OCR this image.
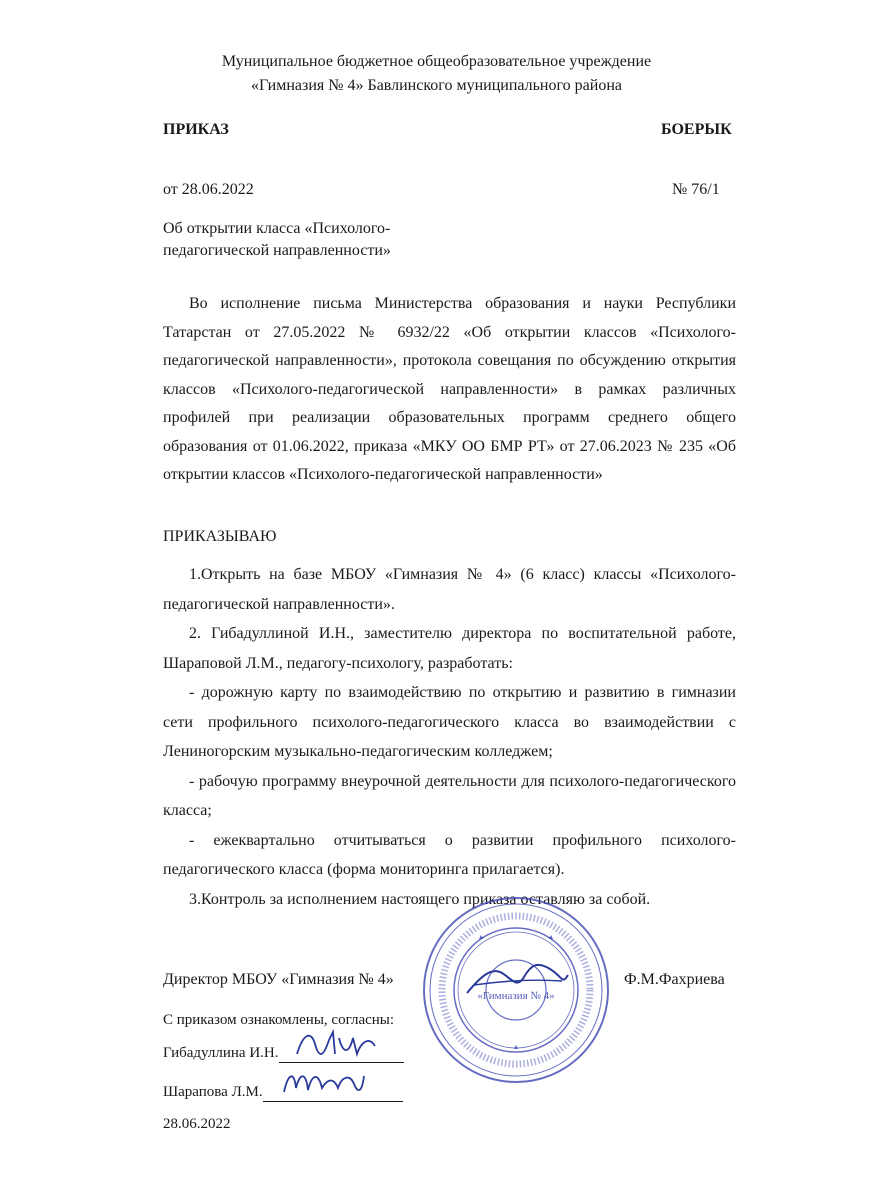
Муниципальное бюджетное общеобразовательное учреждение
«Гимназия № 4» Бавлинского муниципального района
ПРИКАЗ	БОЕРЫК
от 28.06.2022	№ 76/1
Об открытии класса «Психолого-
педагогической направленности»
Во исполнение письма Министерства образования и науки Республики Татарстан от 27.05.2022 № 6932/22 «Об открытии классов «Психолого-педагогической направленности», протокола совещания по обсуждению открытия классов «Психолого-педагогической направленности» в рамках различных профилей при реализации образовательных программ среднего общего образования от 01.06.2022, приказа «МКУ ОО БМР РТ» от 27.06.2023 № 235 «Об открытии классов «Психолого-педагогической направленности»
ПРИКАЗЫВАЮ

1.Открыть на базе МБОУ «Гимназия № 4» (6 класс) классы «Психолого-педагогической направленности».

2. Гибадуллиной И.Н., заместителю директора по воспитательной работе, Шараповой Л.М., педагогу-психологу, разработать:

- дорожную карту по взаимодействию по открытию и развитию в гимназии сети профильного психолого-педагогического класса во взаимодействии с Лениногорским музыкально-педагогическим колледжем;

- рабочую программу внеурочной деятельности для психолого-педагогического класса;

- ежеквартально отчитываться о развитии профильного психолого-педагогического класса (форма мониторинга прилагается).

3.Контроль за исполнением настоящего приказа оставляю за собой.

«Гимназия № 4»
Директор МБОУ «Гимназия № 4»	Ф.М.Фахриева
С приказом ознакомлены, согласны:
Гибадуллина И.Н.
Шарапова Л.М.
28.06.2022
